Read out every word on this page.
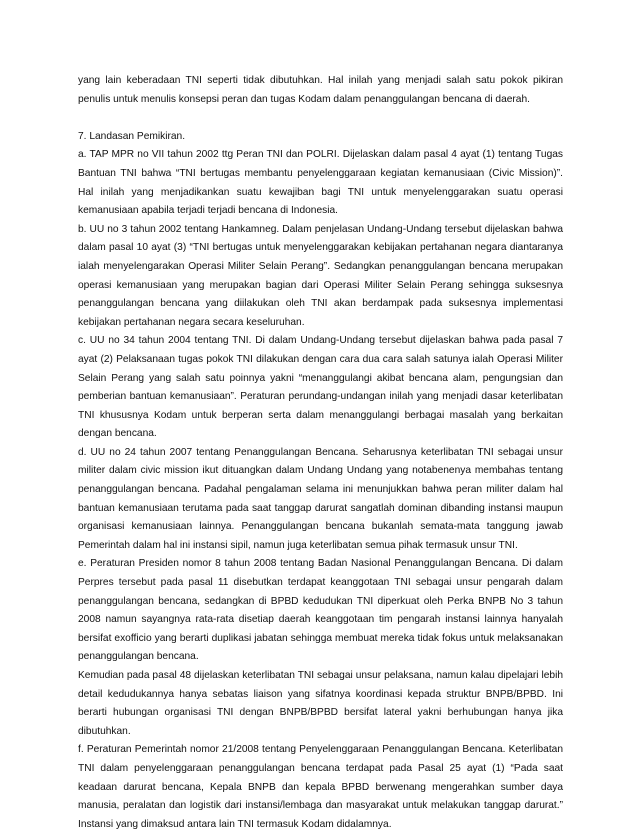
yang lain keberadaan TNI seperti tidak dibutuhkan. Hal inilah yang menjadi salah satu pokok pikiran penulis untuk menulis konsepsi peran dan tugas Kodam dalam penanggulangan bencana di daerah.

7. Landasan Pemikiran.

a. TAP MPR no VII tahun 2002 ttg Peran TNI dan POLRI. Dijelaskan dalam pasal 4 ayat (1) tentang Tugas Bantuan TNI bahwa “TNI bertugas membantu penyelenggaraan kegiatan kemanusiaan (Civic Mission)”. Hal inilah yang menjadikankan suatu kewajiban bagi TNI untuk menyelenggarakan suatu operasi kemanusiaan apabila terjadi terjadi bencana di Indonesia.

b. UU no 3 tahun 2002 tentang Hankamneg. Dalam penjelasan Undang-Undang tersebut dijelaskan bahwa dalam pasal 10 ayat (3) “TNI bertugas untuk menyelenggarakan kebijakan pertahanan negara diantaranya ialah menyelengarakan Operasi Militer Selain Perang”. Sedangkan penanggulangan bencana merupakan operasi kemanusiaan yang merupakan bagian dari Operasi Militer Selain Perang sehingga suksesnya penanggulangan bencana yang diilakukan oleh TNI akan berdampak pada suksesnya implementasi kebijakan pertahanan negara secara keseluruhan.

c. UU no 34 tahun 2004 tentang TNI. Di dalam Undang-Undang tersebut dijelaskan bahwa pada pasal 7 ayat (2) Pelaksanaan tugas pokok TNI dilakukan dengan cara dua cara salah satunya ialah Operasi Militer Selain Perang yang salah satu poinnya yakni “menanggulangi akibat bencana alam, pengungsian dan pemberian bantuan kemanusiaan”. Peraturan perundang-undangan inilah yang menjadi dasar keterlibatan TNI khususnya Kodam untuk berperan serta dalam menanggulangi berbagai masalah yang berkaitan dengan bencana.

d. UU no 24 tahun 2007 tentang Penanggulangan Bencana. Seharusnya keterlibatan TNI sebagai unsur militer dalam civic mission ikut dituangkan dalam Undang Undang yang notabenenya membahas tentang penanggulangan bencana. Padahal pengalaman selama ini menunjukkan bahwa peran militer dalam hal bantuan kemanusiaan terutama pada saat tanggap darurat sangatlah dominan dibanding instansi maupun organisasi kemanusiaan lainnya. Penanggulangan bencana bukanlah semata-mata tanggung jawab Pemerintah dalam hal ini instansi sipil, namun juga keterlibatan semua pihak termasuk unsur TNI.

e. Peraturan Presiden nomor 8 tahun 2008 tentang Badan Nasional Penanggulangan Bencana. Di dalam Perpres tersebut pada pasal 11 disebutkan terdapat keanggotaan TNI sebagai unsur pengarah dalam penanggulangan bencana, sedangkan di BPBD kedudukan TNI diperkuat oleh Perka BNPB No 3 tahun 2008 namun sayangnya rata-rata disetiap daerah keanggotaan tim pengarah instansi lainnya hanyalah bersifat exofficio yang berarti duplikasi jabatan sehingga membuat mereka tidak fokus untuk melaksanakan penanggulangan bencana.

Kemudian pada pasal 48 dijelaskan keterlibatan TNI sebagai unsur pelaksana, namun kalau dipelajari lebih detail kedudukannya hanya sebatas liaison yang sifatnya koordinasi kepada struktur BNPB/BPBD. Ini berarti hubungan organisasi TNI dengan BNPB/BPBD bersifat lateral yakni berhubungan hanya jika dibutuhkan.

f. Peraturan Pemerintah nomor 21/2008 tentang Penyelenggaraan Penanggulangan Bencana. Keterlibatan TNI dalam penyelenggaraan penanggulangan bencana terdapat pada Pasal 25 ayat (1) “Pada saat keadaan darurat bencana, Kepala BNPB dan kepala BPBD berwenang mengerahkan sumber daya manusia, peralatan dan logistik dari instansi/lembaga dan masyarakat untuk melakukan tanggap darurat.” Instansi yang dimaksud antara lain TNI termasuk Kodam didalamnya.
